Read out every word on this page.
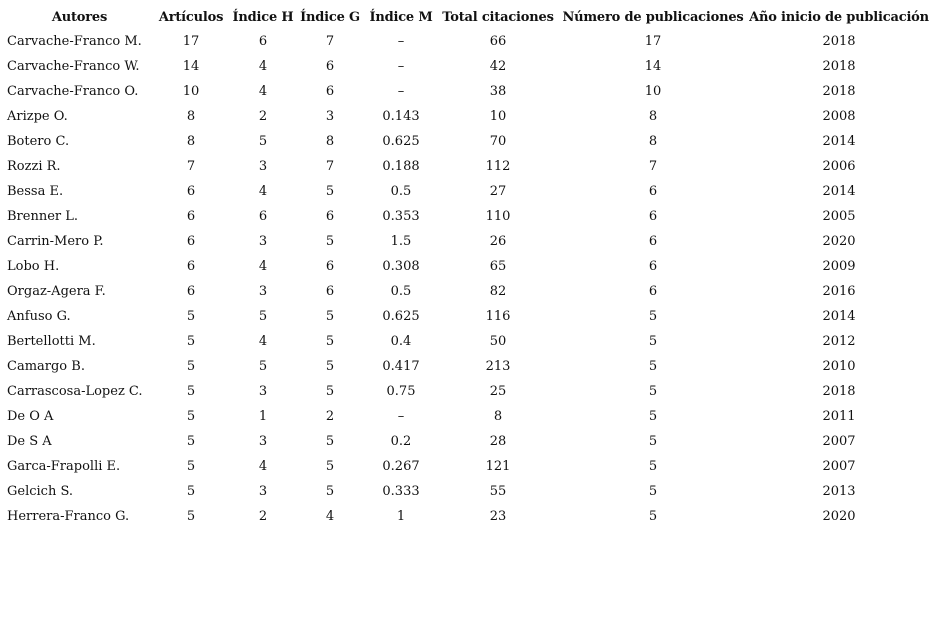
Autores	Artículos	Índice H	Índice G	Índice M	Total citaciones	Número de publicaciones	Año inicio de publicación
Carvache-Franco M.	17	6	7	–	66	17	2018
Carvache-Franco W.	14	4	6	–	42	14	2018
Carvache-Franco O.	10	4	6	–	38	10	2018
Arizpe O.	8	2	3	0.143	10	8	2008
Botero C.	8	5	8	0.625	70	8	2014
Rozzi R.	7	3	7	0.188	112	7	2006
Bessa E.	6	4	5	0.5	27	6	2014
Brenner L.	6	6	6	0.353	110	6	2005
Carrin-Mero P.	6	3	5	1.5	26	6	2020
Lobo H.	6	4	6	0.308	65	6	2009
Orgaz-Agera F.	6	3	6	0.5	82	6	2016
Anfuso G.	5	5	5	0.625	116	5	2014
Bertellotti M.	5	4	5	0.4	50	5	2012
Camargo B.	5	5	5	0.417	213	5	2010
Carrascosa-Lopez C.	5	3	5	0.75	25	5	2018
De O A	5	1	2	–	8	5	2011
De S A	5	3	5	0.2	28	5	2007
Garca-Frapolli E.	5	4	5	0.267	121	5	2007
Gelcich S.	5	3	5	0.333	55	5	2013
Herrera-Franco G.	5	2	4	1	23	5	2020
